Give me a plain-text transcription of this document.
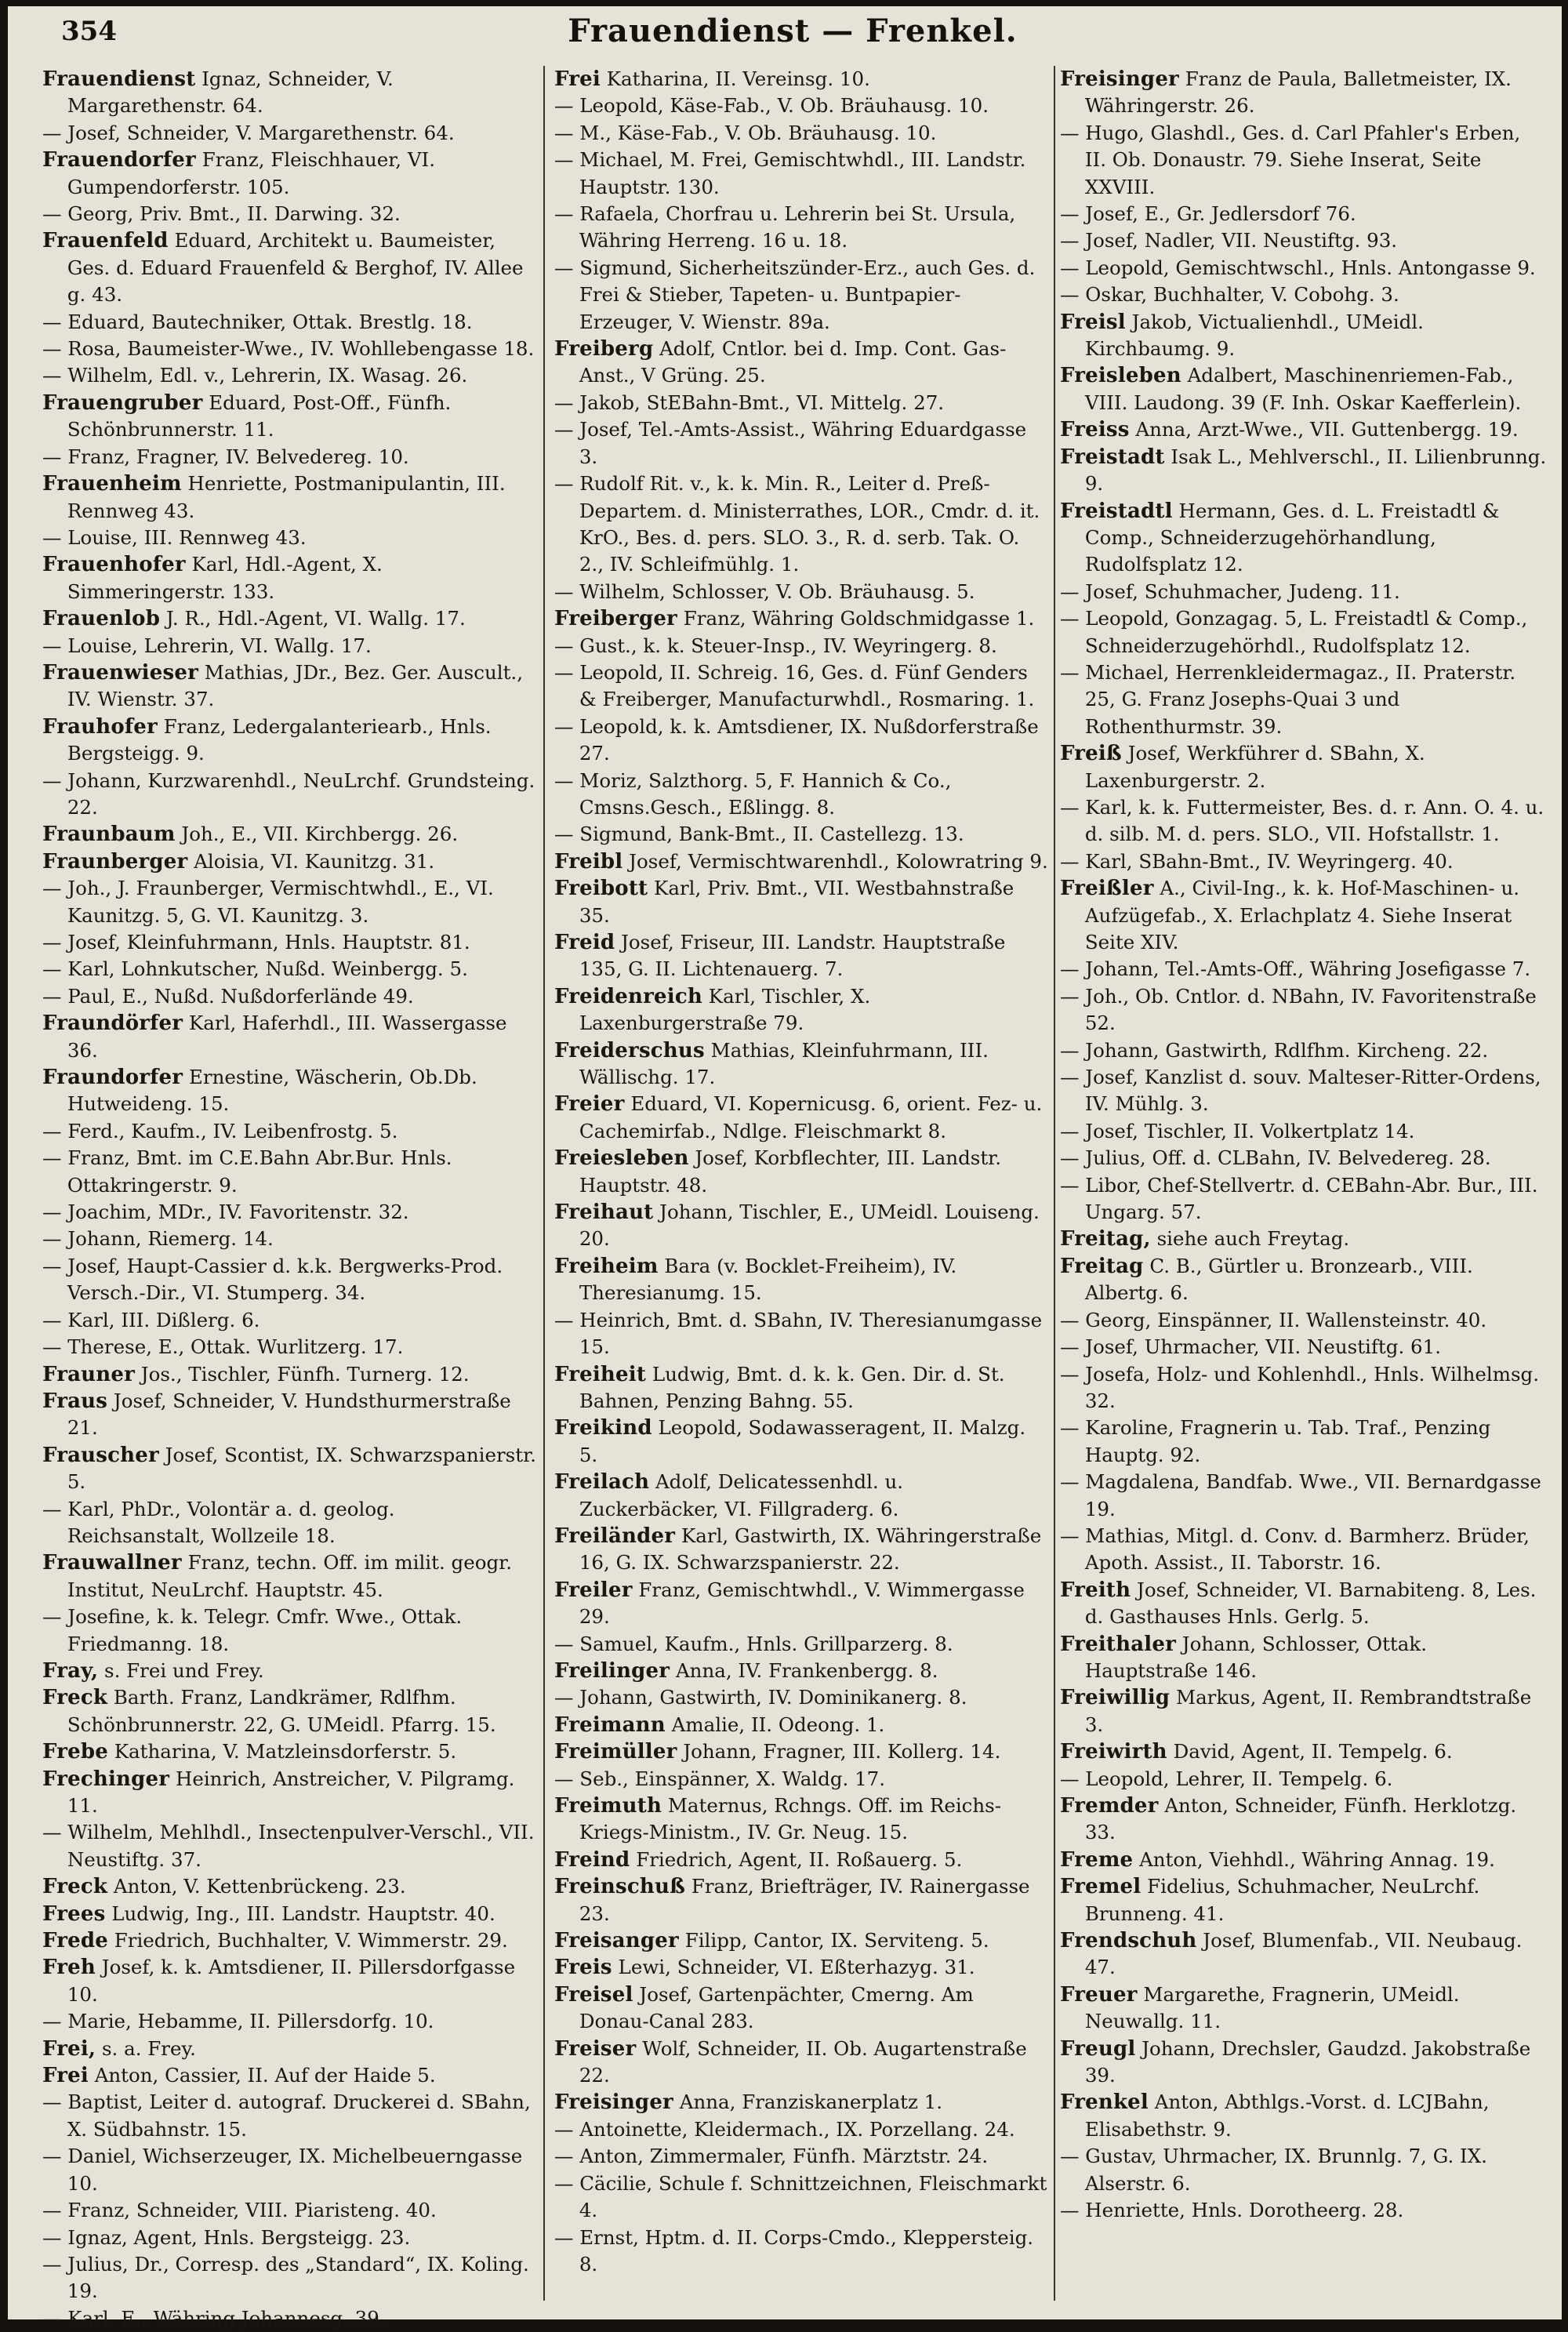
354	Frauendienst — Frenkel.

Frauendienst Ignaz, Schneider, V. Margarethenstr. 64.

— Josef, Schneider, V. Margarethenstr. 64.

Frauendorfer Franz, Fleischhauer, VI. Gumpendorferstr. 105.

— Georg, Priv. Bmt., II. Darwing. 32.

Frauenfeld Eduard, Architekt u. Baumeister, Ges. d. Eduard Frauenfeld & Berghof, IV. Allee g. 43.

— Eduard, Bautechniker, Ottak. Brestlg. 18.

— Rosa, Baumeister-Wwe., IV. Wohllebengasse 18.

— Wilhelm, Edl. v., Lehrerin, IX. Wasag. 26.

Frauengruber Eduard, Post-Off., Fünfh. Schönbrunnerstr. 11.

— Franz, Fragner, IV. Belvedereg. 10.

Frauenheim Henriette, Postmanipulantin, III. Rennweg 43.

— Louise, III. Rennweg 43.

Frauenhofer Karl, Hdl.-Agent, X. Simmeringerstr. 133.

Frauenlob J. R., Hdl.-Agent, VI. Wallg. 17.

— Louise, Lehrerin, VI. Wallg. 17.

Frauenwieser Mathias, JDr., Bez. Ger. Auscult., IV. Wienstr. 37.

Frauhofer Franz, Ledergalanteriearb., Hnls. Bergsteigg. 9.

— Johann, Kurzwarenhdl., NeuLrchf. Grundsteing. 22.

Fraunbaum Joh., E., VII. Kirchbergg. 26.

Fraunberger Aloisia, VI. Kaunitzg. 31.

— Joh., J. Fraunberger, Vermischtwhdl., E., VI. Kaunitzg. 5, G. VI. Kaunitzg. 3.

— Josef, Kleinfuhrmann, Hnls. Hauptstr. 81.

— Karl, Lohnkutscher, Nußd. Weinbergg. 5.

— Paul, E., Nußd. Nußdorferlände 49.

Fraundörfer Karl, Haferhdl., III. Wassergasse 36.

Fraundorfer Ernestine, Wäscherin, Ob.Db. Hutweideng. 15.

— Ferd., Kaufm., IV. Leibenfrostg. 5.

— Franz, Bmt. im C.E.Bahn Abr.Bur. Hnls. Ottakringerstr. 9.

— Joachim, MDr., IV. Favoritenstr. 32.

— Johann, Riemerg. 14.

— Josef, Haupt-Cassier d. k.k. Bergwerks-Prod. Versch.-Dir., VI. Stumperg. 34.

— Karl, III. Dißlerg. 6.

— Therese, E., Ottak. Wurlitzerg. 17.

Frauner Jos., Tischler, Fünfh. Turnerg. 12.

Fraus Josef, Schneider, V. Hundsthurmerstraße 21.

Frauscher Josef, Scontist, IX. Schwarzspanierstr. 5.

— Karl, PhDr., Volontär a. d. geolog. Reichsanstalt, Wollzeile 18.

Frauwallner Franz, techn. Off. im milit. geogr. Institut, NeuLrchf. Hauptstr. 45.

— Josefine, k. k. Telegr. Cmfr. Wwe., Ottak. Friedmanng. 18.

Fray, s. Frei und Frey.

Freck Barth. Franz, Landkrämer, Rdlfhm. Schönbrunnerstr. 22, G. UMeidl. Pfarrg. 15.

Frebe Katharina, V. Matzleinsdorferstr. 5.

Frechinger Heinrich, Anstreicher, V. Pilgramg. 11.

— Wilhelm, Mehlhdl., Insectenpulver-Verschl., VII. Neustiftg. 37.

Freck Anton, V. Kettenbrückeng. 23.

Frees Ludwig, Ing., III. Landstr. Hauptstr. 40.

Frede Friedrich, Buchhalter, V. Wimmerstr. 29.

Freh Josef, k. k. Amtsdiener, II. Pillersdorfgasse 10.

— Marie, Hebamme, II. Pillersdorfg. 10.

Frei, s. a. Frey.

Frei Anton, Cassier, II. Auf der Haide 5.

— Baptist, Leiter d. autograf. Druckerei d. SBahn, X. Südbahnstr. 15.

— Daniel, Wichserzeuger, IX. Michelbeuerngasse 10.

— Franz, Schneider, VIII. Piaristeng. 40.

— Ignaz, Agent, Hnls. Bergsteigg. 23.

— Julius, Dr., Corresp. des „Standard“, IX. Koling. 19.

— Karl, E., Währing Johannesg. 39.

Frei Katharina, II. Vereinsg. 10.

— Leopold, Käse-Fab., V. Ob. Bräuhausg. 10.

— M., Käse-Fab., V. Ob. Bräuhausg. 10.

— Michael, M. Frei, Gemischtwhdl., III. Landstr. Hauptstr. 130.

— Rafaela, Chorfrau u. Lehrerin bei St. Ursula, Währing Herreng. 16 u. 18.

— Sigmund, Sicherheitszünder-Erz., auch Ges. d. Frei & Stieber, Tapeten- u. Buntpapier-Erzeuger, V. Wienstr. 89a.

Freiberg Adolf, Cntlor. bei d. Imp. Cont. Gas-Anst., V Grüng. 25.

— Jakob, StEBahn-Bmt., VI. Mittelg. 27.

— Josef, Tel.-Amts-Assist., Währing Eduardgasse 3.

— Rudolf Rit. v., k. k. Min. R., Leiter d. Preß-Departem. d. Ministerrathes, LOR., Cmdr. d. it. KrO., Bes. d. pers. SLO. 3., R. d. serb. Tak. O. 2., IV. Schleifmühlg. 1.

— Wilhelm, Schlosser, V. Ob. Bräuhausg. 5.

Freiberger Franz, Währing Goldschmidgasse 1.

— Gust., k. k. Steuer-Insp., IV. Weyringerg. 8.

— Leopold, II. Schreig. 16, Ges. d. Fünf Genders & Freiberger, Manufacturwhdl., Rosmaring. 1.

— Leopold, k. k. Amtsdiener, IX. Nußdorferstraße 27.

— Moriz, Salzthorg. 5, F. Hannich & Co., Cmsns.Gesch., Eßlingg. 8.

— Sigmund, Bank-Bmt., II. Castellezg. 13.

Freibl Josef, Vermischtwarenhdl., Kolowratring 9.

Freibott Karl, Priv. Bmt., VII. Westbahnstraße 35.

Freid Josef, Friseur, III. Landstr. Hauptstraße 135, G. II. Lichtenauerg. 7.

Freidenreich Karl, Tischler, X. Laxenburgerstraße 79.

Freiderschus Mathias, Kleinfuhrmann, III. Wällischg. 17.

Freier Eduard, VI. Kopernicusg. 6, orient. Fez- u. Cachemirfab., Ndlge. Fleischmarkt 8.

Freiesleben Josef, Korbflechter, III. Landstr. Hauptstr. 48.

Freihaut Johann, Tischler, E., UMeidl. Louiseng. 20.

Freiheim Bara (v. Bocklet-Freiheim), IV. Theresianumg. 15.

— Heinrich, Bmt. d. SBahn, IV. Theresianumgasse 15.

Freiheit Ludwig, Bmt. d. k. k. Gen. Dir. d. St. Bahnen, Penzing Bahng. 55.

Freikind Leopold, Sodawasseragent, II. Malzg. 5.

Freilach Adolf, Delicatessenhdl. u. Zuckerbäcker, VI. Fillgraderg. 6.

Freiländer Karl, Gastwirth, IX. Währingerstraße 16, G. IX. Schwarzspanierstr. 22.

Freiler Franz, Gemischtwhdl., V. Wimmergasse 29.

— Samuel, Kaufm., Hnls. Grillparzerg. 8.

Freilinger Anna, IV. Frankenbergg. 8.

— Johann, Gastwirth, IV. Dominikanerg. 8.

Freimann Amalie, II. Odeong. 1.

Freimüller Johann, Fragner, III. Kollerg. 14.

— Seb., Einspänner, X. Waldg. 17.

Freimuth Maternus, Rchngs. Off. im Reichs-Kriegs-Ministm., IV. Gr. Neug. 15.

Freind Friedrich, Agent, II. Roßauerg. 5.

Freinschuß Franz, Briefträger, IV. Rainergasse 23.

Freisanger Filipp, Cantor, IX. Serviteng. 5.

Freis Lewi, Schneider, VI. Eßterhazyg. 31.

Freisel Josef, Gartenpächter, Cmerng. Am Donau-Canal 283.

Freiser Wolf, Schneider, II. Ob. Augartenstraße 22.

Freisinger Anna, Franziskanerplatz 1.

— Antoinette, Kleidermach., IX. Porzellang. 24.

— Anton, Zimmermaler, Fünfh. Märztstr. 24.

— Cäcilie, Schule f. Schnittzeichnen, Fleischmarkt 4.

— Ernst, Hptm. d. II. Corps-Cmdo., Kleppersteig. 8.

Freisinger Franz de Paula, Balletmeister, IX. Währingerstr. 26.

— Hugo, Glashdl., Ges. d. Carl Pfahler's Erben, II. Ob. Donaustr. 79. Siehe Inserat, Seite XXVIII.

— Josef, E., Gr. Jedlersdorf 76.

— Josef, Nadler, VII. Neustiftg. 93.

— Leopold, Gemischtwschl., Hnls. Antongasse 9.

— Oskar, Buchhalter, V. Cobohg. 3.

Freisl Jakob, Victualienhdl., UMeidl. Kirchbaumg. 9.

Freisleben Adalbert, Maschinenriemen-Fab., VIII. Laudong. 39 (F. Inh. Oskar Kaefferlein).

Freiss Anna, Arzt-Wwe., VII. Guttenbergg. 19.

Freistadt Isak L., Mehlverschl., II. Lilienbrunng. 9.

Freistadtl Hermann, Ges. d. L. Freistadtl & Comp., Schneiderzugehörhandlung, Rudolfsplatz 12.

— Josef, Schuhmacher, Judeng. 11.

— Leopold, Gonzagag. 5, L. Freistadtl & Comp., Schneiderzugehörhdl., Rudolfsplatz 12.

— Michael, Herrenkleidermagaz., II. Praterstr. 25, G. Franz Josephs-Quai 3 und Rothenthurmstr. 39.

Freiß Josef, Werkführer d. SBahn, X. Laxenburgerstr. 2.

— Karl, k. k. Futtermeister, Bes. d. r. Ann. O. 4. u. d. silb. M. d. pers. SLO., VII. Hofstallstr. 1.

— Karl, SBahn-Bmt., IV. Weyringerg. 40.

Freißler A., Civil-Ing., k. k. Hof-Maschinen- u. Aufzügefab., X. Erlachplatz 4. Siehe Inserat Seite XIV.

— Johann, Tel.-Amts-Off., Währing Josefigasse 7.

— Joh., Ob. Cntlor. d. NBahn, IV. Favoritenstraße 52.

— Johann, Gastwirth, Rdlfhm. Kircheng. 22.

— Josef, Kanzlist d. souv. Malteser-Ritter-Ordens, IV. Mühlg. 3.

— Josef, Tischler, II. Volkertplatz 14.

— Julius, Off. d. CLBahn, IV. Belvedereg. 28.

— Libor, Chef-Stellvertr. d. CEBahn-Abr. Bur., III. Ungarg. 57.

Freitag, siehe auch Freytag.

Freitag C. B., Gürtler u. Bronzearb., VIII. Albertg. 6.

— Georg, Einspänner, II. Wallensteinstr. 40.

— Josef, Uhrmacher, VII. Neustiftg. 61.

— Josefa, Holz- und Kohlenhdl., Hnls. Wilhelmsg. 32.

— Karoline, Fragnerin u. Tab. Traf., Penzing Hauptg. 92.

— Magdalena, Bandfab. Wwe., VII. Bernardgasse 19.

— Mathias, Mitgl. d. Conv. d. Barmherz. Brüder, Apoth. Assist., II. Taborstr. 16.

Freith Josef, Schneider, VI. Barnabiteng. 8, Les. d. Gasthauses Hnls. Gerlg. 5.

Freithaler Johann, Schlosser, Ottak. Hauptstraße 146.

Freiwillig Markus, Agent, II. Rembrandtstraße 3.

Freiwirth David, Agent, II. Tempelg. 6.

— Leopold, Lehrer, II. Tempelg. 6.

Fremder Anton, Schneider, Fünfh. Herklotzg. 33.

Freme Anton, Viehhdl., Währing Annag. 19.

Fremel Fidelius, Schuhmacher, NeuLrchf. Brunneng. 41.

Frendschuh Josef, Blumenfab., VII. Neubaug. 47.

Freuer Margarethe, Fragnerin, UMeidl. Neuwallg. 11.

Freugl Johann, Drechsler, Gaudzd. Jakobstraße 39.

Frenkel Anton, Abthlgs.-Vorst. d. LCJBahn, Elisabethstr. 9.

— Gustav, Uhrmacher, IX. Brunnlg. 7, G. IX. Alserstr. 6.

— Henriette, Hnls. Dorotheerg. 28.
